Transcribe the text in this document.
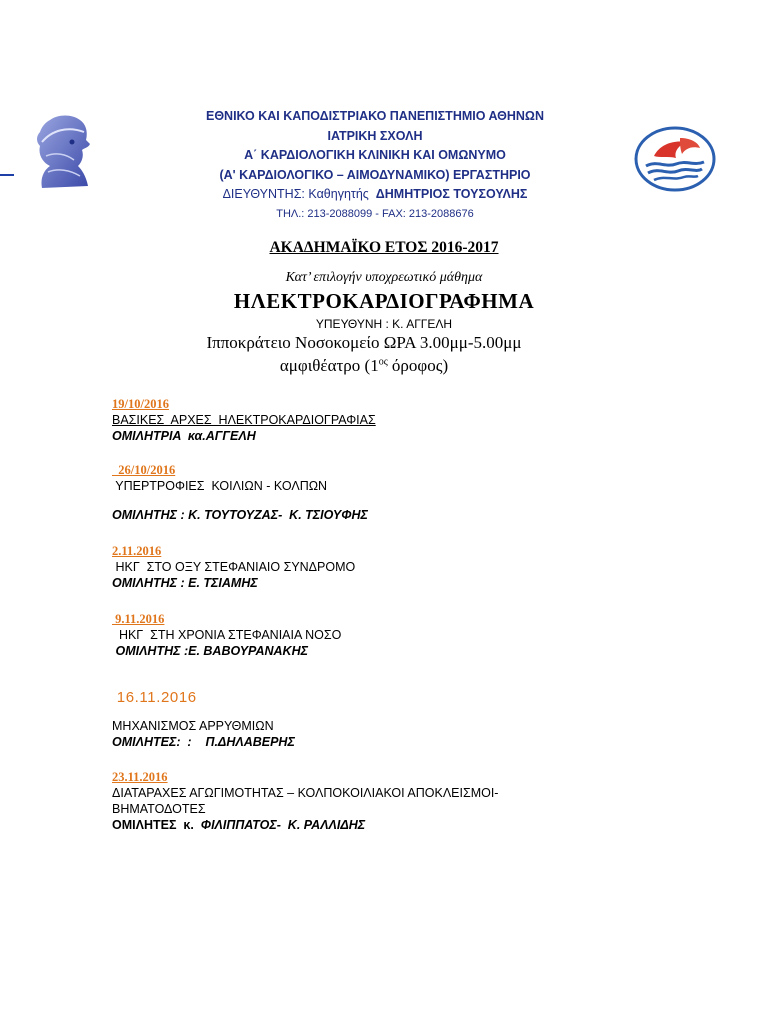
ΕΘΝΙΚΟ ΚΑΙ ΚΑΠΟΔΙΣΤΡΙΑΚΟ ΠΑΝΕΠΙΣΤΗΜΙΟ ΑΘΗΝΩΝ
ΙΑΤΡΙΚΗ ΣΧΟΛΗ
Α΄ ΚΑΡΔΙΟΛΟΓΙΚΗ ΚΛΙΝΙΚΗ ΚΑΙ ΟΜΩΝΥΜΟ
(Α' ΚΑΡΔΙΟΛΟΓΙΚΟ – ΑΙΜΟΔΥΝΑΜΙΚΟ) ΕΡΓΑΣΤΗΡΙΟ
ΔΙΕΥΘΥΝΤΗΣ: Καθηγητής ΔΗΜΗΤΡΙΟΣ ΤΟΥΣΟΥΛΗΣ
ΤΗΛ.: 213-2088099 - FAX: 213-2088676
ΑΚΑΔΗΜΑΪΚΟ ΕΤΟΣ 2016-2017
Κατ’ επιλογήν υποχρεωτικό μάθημα
ΗΛΕΚΤΡΟΚΑΡΔΙΟΓΡΑΦΗΜΑ
ΥΠΕΥΘΥΝΗ : Κ. ΑΓΓΕΛΗ
Ιπποκράτειο Νοσοκομείο ΩΡΑ 3.00μμ-5.00μμ
αμφιθέατρο ($1^{o\varsigma}$ όροφος)
19/10/2016
ΒΑΣΙΚΕΣ  ΑΡΧΕΣ  ΗΛΕΚΤΡΟΚΑΡΔΙΟΓΡΑΦΙΑΣ
ΟΜΙΛΗΤΡΙΑ  κα.ΑΓΓΕΛΗ
26/10/2016
ΥΠΕΡΤΡΟΦΙΕΣ  ΚΟΙΛΙΩΝ - ΚΟΛΠΩΝ
ΟΜΙΛΗΤΗΣ : Κ. ΤΟΥΤΟΥΖΑΣ-  Κ. ΤΣΙΟΥΦΗΣ
2.11.2016
ΗΚΓ  ΣΤΟ ΟΞΥ ΣΤΕΦΑΝΙΑΙΟ ΣΥΝΔΡΟΜΟ
ΟΜΙΛΗΤΗΣ : Ε. ΤΣΙΑΜΗΣ
9.11.2016
ΗΚΓ  ΣΤΗ ΧΡΟΝΙΑ ΣΤΕΦΑΝΙΑΙΑ ΝΟΣΟ
ΟΜΙΛΗΤΗΣ :Ε. ΒΑΒΟΥΡΑΝΑΚΗΣ
16.11.2016
ΜΗΧΑΝΙΣΜΟΣ ΑΡΡΥΘΜΙΩΝ
ΟΜΙΛΗΤΕΣ:  :    Π.ΔΗΛΑΒΕΡΗΣ
23.11.2016
ΔΙΑΤΑΡΑΧΕΣ ΑΓΩΓΙΜΟΤΗΤΑΣ – ΚΟΛΠΟΚΟΙΛΙΑΚΟΙ ΑΠΟΚΛΕΙΣΜΟΙ-
ΒΗΜΑΤΟΔΟΤΕΣ
ΟΜΙΛΗΤΕΣ  κ.  ΦΙΛΙΠΠΑΤΟΣ-  Κ. ΡΑΛΛΙΔΗΣ
